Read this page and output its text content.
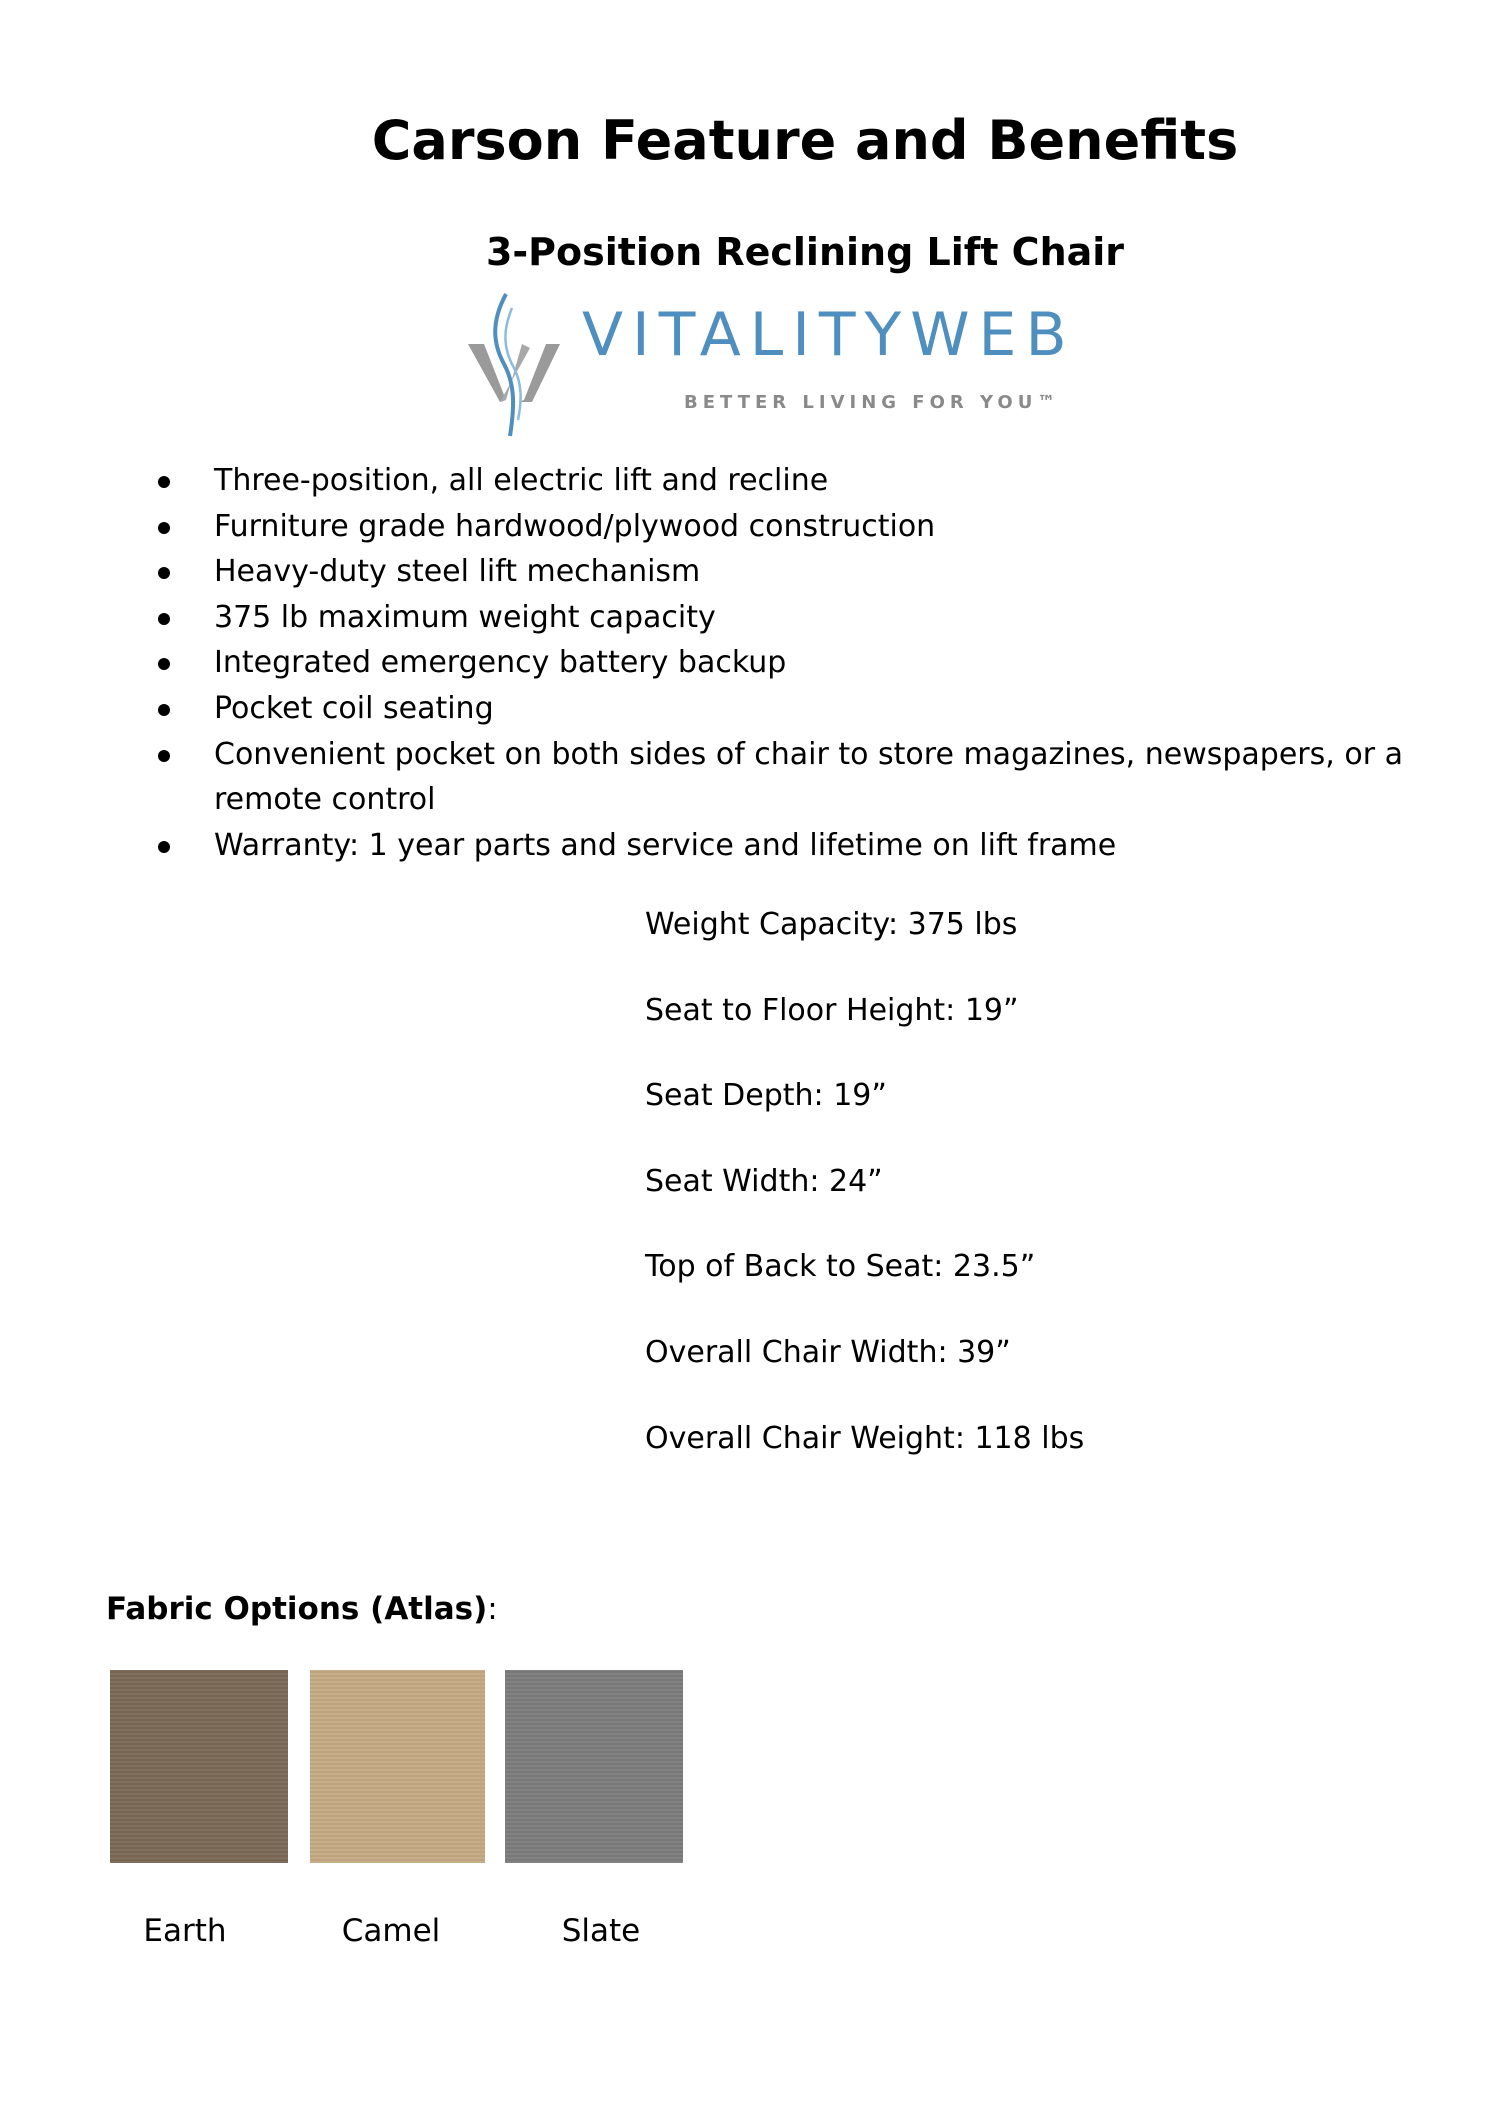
Carson Feature and Benefits
3-Position Reclining Lift Chair
VITALITYWEB
BETTER LIVING FOR YOU™
Three-position, all electric lift and recline
Furniture grade hardwood/plywood construction
Heavy-duty steel lift mechanism
375 lb maximum weight capacity
Integrated emergency battery backup
Pocket coil seating
Convenient pocket on both sides of chair to store magazines, newspapers, or a remote control
Warranty: 1 year parts and service and lifetime on lift frame
Weight Capacity: 375 lbs
Seat to Floor Height: 19”
Seat Depth: 19”
Seat Width: 24”
Top of Back to Seat: 23.5”
Overall Chair Width: 39”
Overall Chair Weight: 118 lbs
Fabric Options (Atlas):
Earth	Camel	Slate
